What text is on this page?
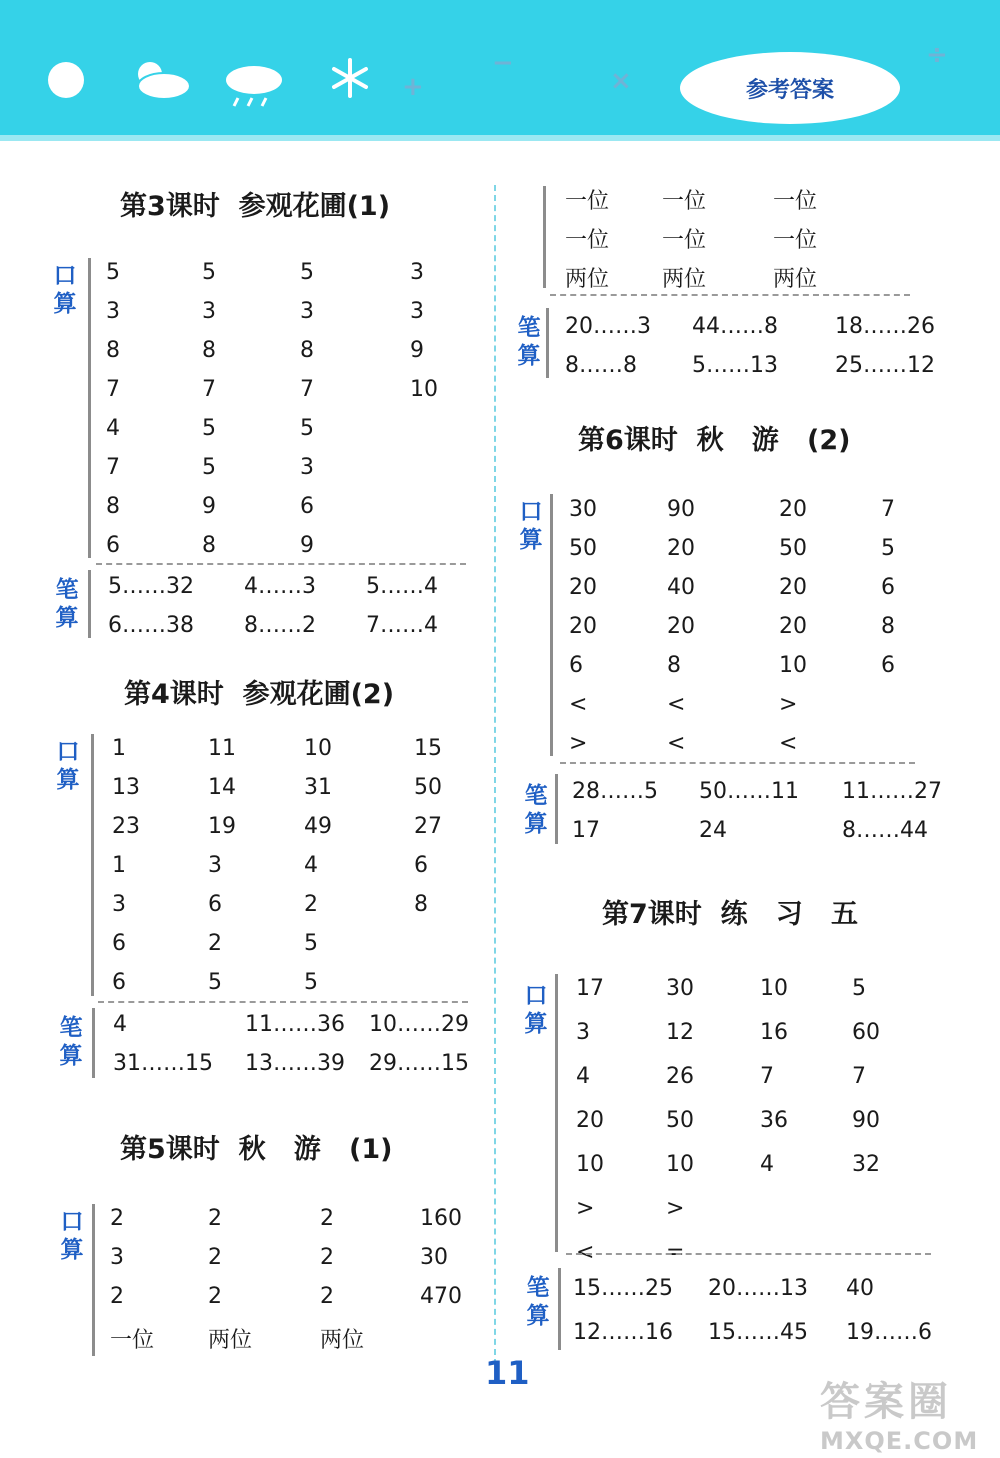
+
−
×
÷
参考答案
第3课时  参观花圃(1)
口算
5	5	5	3
3	3	3	3
8	8	8	9
7	7	7	10
4	5	5
7	5	3
8	9	6
6	8	9
笔算
5……32 4……3 5……4
6……38 8……2 7……4
第4课时  参观花圃(2)
口算
1	11	10	15
13	14	31	50
23	19	49	27
1	3	4	6
3	6	2	8
6	2	5
6	5	5
笔算
4	11……36 10……29
31……15 13……39 29……15
第5课时  秋   游   (1)
口算
2	2	2	160
3	2	2	30
2	2	2	470
一位 两位	两位
一位 一位	一位
一位 一位	一位
两位 两位	两位
笔算
20……3 44……8	18……26
8……8	5……13	25……12
第6课时  秋   游   (2)
口算
30	90	20	7
50	20	50	5
20	40	20	6
20	20	20	8
6	8	10	6
<	<	>
>	<	<
笔算
28……5 50……11 11……27
17	24	8……44
第7课时  练   习   五
口算
17	30	10	5
3	12	16	60
4	26	7	7
20	50	36	90
10	10	4	32
>	>
<	=
笔算
15……25 20……13 40
12……16 15……45 19……6
11
答案圈
MXQE.COM
